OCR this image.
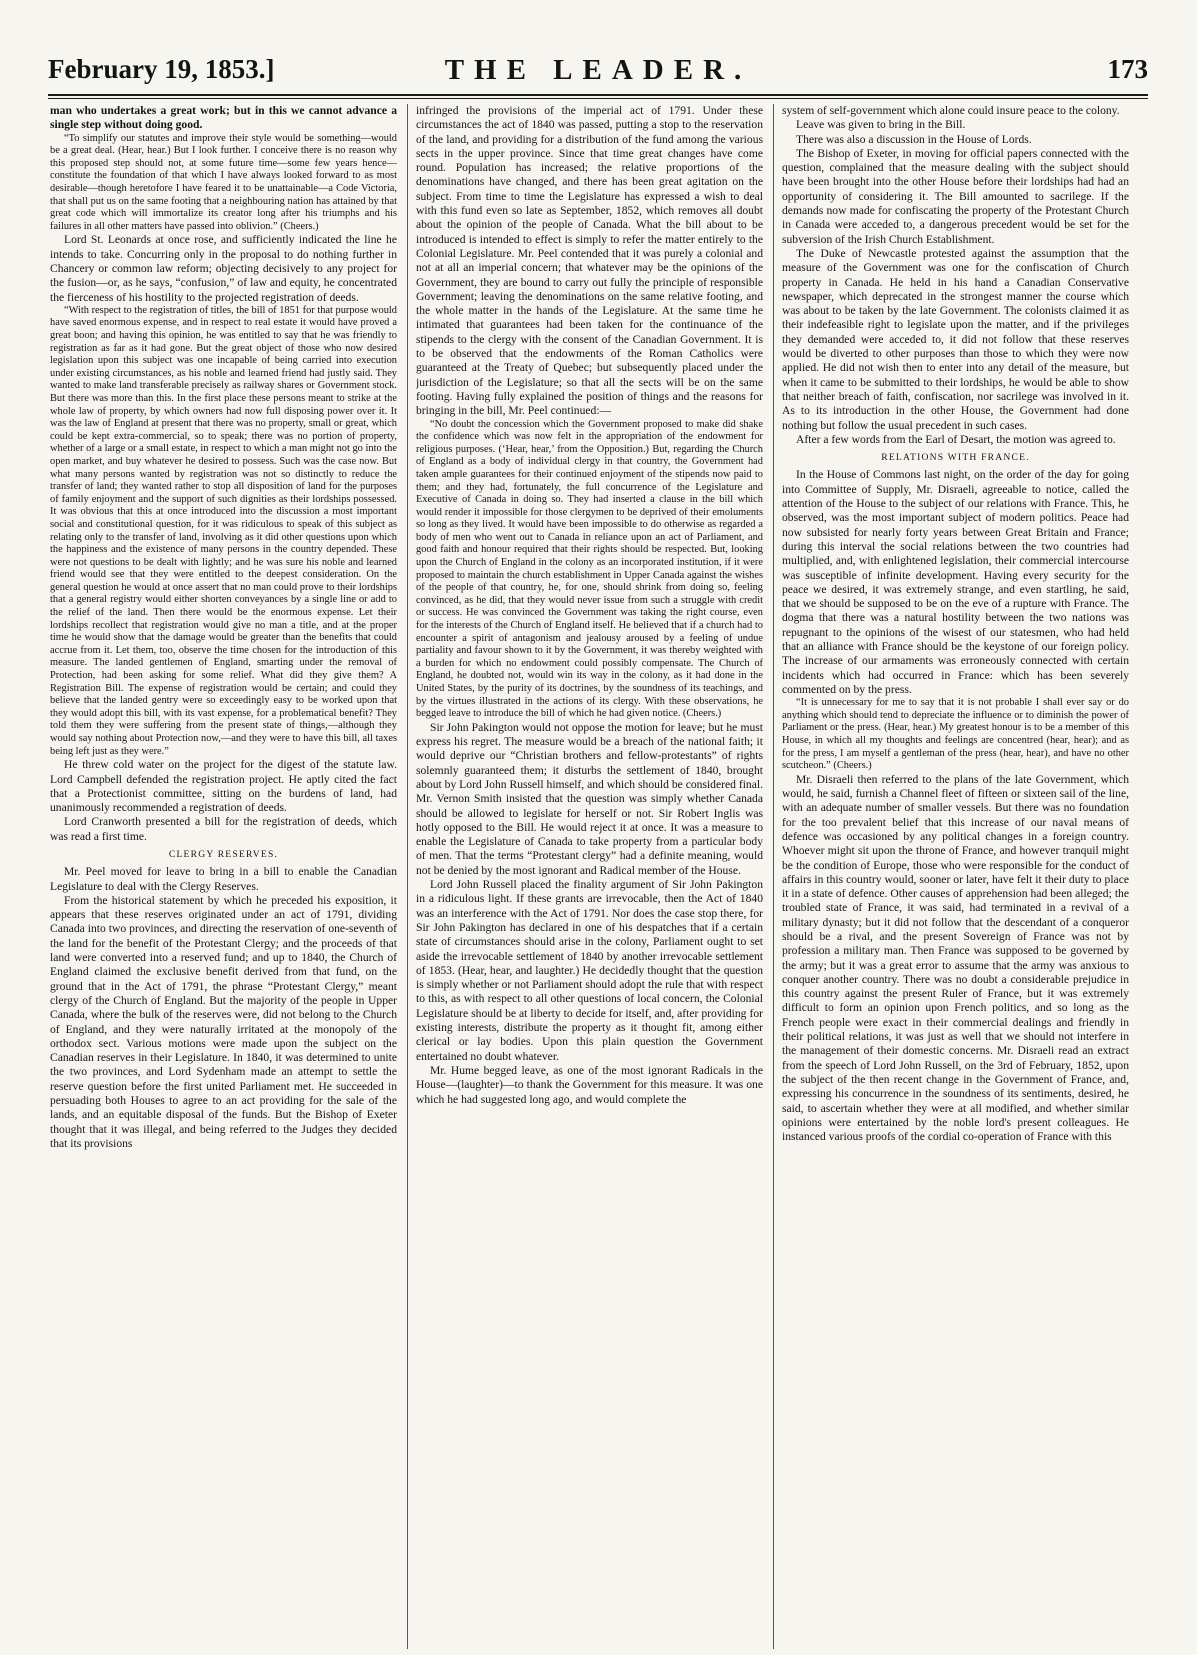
February 19, 1853.]	THE LEADER.	173

man who undertakes a great work; but in this we cannot advance a single step without doing good.

“To simplify our statutes and improve their style would be something—would be a great deal. (Hear, hear.) But I look further. I conceive there is no reason why this proposed step should not, at some future time—some few years hence—constitute the foundation of that which I have always looked forward to as most desirable—though heretofore I have feared it to be unattainable—a Code Victoria, that shall put us on the same footing that a neighbouring nation has attained by that great code which will immortalize its creator long after his triumphs and his failures in all other matters have passed into oblivion.” (Cheers.)

Lord St. Leonards at once rose, and sufficiently indicated the line he intends to take. Concurring only in the proposal to do nothing further in Chancery or common law reform; objecting decisively to any project for the fusion—or, as he says, “confusion,” of law and equity, he concentrated the fierceness of his hostility to the projected registration of deeds.

“With respect to the registration of titles, the bill of 1851 for that purpose would have saved enormous expense, and in respect to real estate it would have proved a great boon; and having this opinion, he was entitled to say that he was friendly to registration as far as it had gone. But the great object of those who now desired legislation upon this subject was one incapable of being carried into execution under existing circumstances, as his noble and learned friend had justly said. They wanted to make land transferable precisely as railway shares or Government stock. But there was more than this. In the first place these persons meant to strike at the whole law of property, by which owners had now full disposing power over it. It was the law of England at present that there was no property, small or great, which could be kept extra-commercial, so to speak; there was no portion of property, whether of a large or a small estate, in respect to which a man might not go into the open market, and buy whatever he desired to possess. Such was the case now. But what many persons wanted by registration was not so distinctly to reduce the transfer of land; they wanted rather to stop all disposition of land for the purposes of family enjoyment and the support of such dignities as their lordships possessed. It was obvious that this at once introduced into the discussion a most important social and constitutional question, for it was ridiculous to speak of this subject as relating only to the transfer of land, involving as it did other questions upon which the happiness and the existence of many persons in the country depended. These were not questions to be dealt with lightly; and he was sure his noble and learned friend would see that they were entitled to the deepest consideration. On the general question he would at once assert that no man could prove to their lordships that a general registry would either shorten conveyances by a single line or add to the relief of the land. Then there would be the enormous expense. Let their lordships recollect that registration would give no man a title, and at the proper time he would show that the damage would be greater than the benefits that could accrue from it. Let them, too, observe the time chosen for the introduction of this measure. The landed gentlemen of England, smarting under the removal of Protection, had been asking for some relief. What did they give them? A Registration Bill. The expense of registration would be certain; and could they believe that the landed gentry were so exceedingly easy to be worked upon that they would adopt this bill, with its vast expense, for a problematical benefit? They told them they were suffering from the present state of things,—although they would say nothing about Protection now,—and they were to have this bill, all taxes being left just as they were.”

He threw cold water on the project for the digest of the statute law. Lord Campbell defended the registration project. He aptly cited the fact that a Protectionist committee, sitting on the burdens of land, had unanimously recommended a registration of deeds.

Lord Cranworth presented a bill for the registration of deeds, which was read a first time.

CLERGY RESERVES.

Mr. Peel moved for leave to bring in a bill to enable the Canadian Legislature to deal with the Clergy Reserves.

From the historical statement by which he preceded his exposition, it appears that these reserves originated under an act of 1791, dividing Canada into two provinces, and directing the reservation of one-seventh of the land for the benefit of the Protestant Clergy; and the proceeds of that land were converted into a reserved fund; and up to 1840, the Church of England claimed the exclusive benefit derived from that fund, on the ground that in the Act of 1791, the phrase “Protestant Clergy,” meant clergy of the Church of England. But the majority of the people in Upper Canada, where the bulk of the reserves were, did not belong to the Church of England, and they were naturally irritated at the monopoly of the orthodox sect. Various motions were made upon the subject on the Canadian reserves in their Legislature. In 1840, it was determined to unite the two provinces, and Lord Sydenham made an attempt to settle the reserve question before the first united Parliament met. He succeeded in persuading both Houses to agree to an act providing for the sale of the lands, and an equitable disposal of the funds. But the Bishop of Exeter thought that it was illegal, and being referred to the Judges they decided that its provisions

infringed the provisions of the imperial act of 1791. Under these circumstances the act of 1840 was passed, putting a stop to the reservation of the land, and providing for a distribution of the fund among the various sects in the upper province. Since that time great changes have come round. Population has increased; the relative proportions of the denominations have changed, and there has been great agitation on the subject. From time to time the Legislature has expressed a wish to deal with this fund even so late as September, 1852, which removes all doubt about the opinion of the people of Canada. What the bill about to be introduced is intended to effect is simply to refer the matter entirely to the Colonial Legislature. Mr. Peel contended that it was purely a colonial and not at all an imperial concern; that whatever may be the opinions of the Government, they are bound to carry out fully the principle of responsible Government; leaving the denominations on the same relative footing, and the whole matter in the hands of the Legislature. At the same time he intimated that guarantees had been taken for the continuance of the stipends to the clergy with the consent of the Canadian Government. It is to be observed that the endowments of the Roman Catholics were guaranteed at the Treaty of Quebec; but subsequently placed under the jurisdiction of the Legislature; so that all the sects will be on the same footing. Having fully explained the position of things and the reasons for bringing in the bill, Mr. Peel continued:—

“No doubt the concession which the Government proposed to make did shake the confidence which was now felt in the appropriation of the endowment for religious purposes. (‘Hear, hear,’ from the Opposition.) But, regarding the Church of England as a body of individual clergy in that country, the Government had taken ample guarantees for their continued enjoyment of the stipends now paid to them; and they had, fortunately, the full concurrence of the Legislature and Executive of Canada in doing so. They had inserted a clause in the bill which would render it impossible for those clergymen to be deprived of their emoluments so long as they lived. It would have been impossible to do otherwise as regarded a body of men who went out to Canada in reliance upon an act of Parliament, and good faith and honour required that their rights should be respected. But, looking upon the Church of England in the colony as an incorporated institution, if it were proposed to maintain the church establishment in Upper Canada against the wishes of the people of that country, he, for one, should shrink from doing so, feeling convinced, as he did, that they would never issue from such a struggle with credit or success. He was convinced the Government was taking the right course, even for the interests of the Church of England itself. He believed that if a church had to encounter a spirit of antagonism and jealousy aroused by a feeling of undue partiality and favour shown to it by the Government, it was thereby weighted with a burden for which no endowment could possibly compensate. The Church of England, he doubted not, would win its way in the colony, as it had done in the United States, by the purity of its doctrines, by the soundness of its teachings, and by the virtues illustrated in the actions of its clergy. With these observations, he begged leave to introduce the bill of which he had given notice. (Cheers.)

Sir John Pakington would not oppose the motion for leave; but he must express his regret. The measure would be a breach of the national faith; it would deprive our “Christian brothers and fellow-protestants” of rights solemnly guaranteed them; it disturbs the settlement of 1840, brought about by Lord John Russell himself, and which should be considered final. Mr. Vernon Smith insisted that the question was simply whether Canada should be allowed to legislate for herself or not. Sir Robert Inglis was hotly opposed to the Bill. He would reject it at once. It was a measure to enable the Legislature of Canada to take property from a particular body of men. That the terms “Protestant clergy” had a definite meaning, would not be denied by the most ignorant and Radical member of the House.

Lord John Russell placed the finality argument of Sir John Pakington in a ridiculous light. If these grants are irrevocable, then the Act of 1840 was an interference with the Act of 1791. Nor does the case stop there, for Sir John Pakington has declared in one of his despatches that if a certain state of circumstances should arise in the colony, Parliament ought to set aside the irrevocable settlement of 1840 by another irrevocable settlement of 1853. (Hear, hear, and laughter.) He decidedly thought that the question is simply whether or not Parliament should adopt the rule that with respect to this, as with respect to all other questions of local concern, the Colonial Legislature should be at liberty to decide for itself, and, after providing for existing interests, distribute the property as it thought fit, among either clerical or lay bodies. Upon this plain question the Government entertained no doubt whatever.

Mr. Hume begged leave, as one of the most ignorant Radicals in the House—(laughter)—to thank the Government for this measure. It was one which he had suggested long ago, and would complete the

system of self-government which alone could insure peace to the colony.

Leave was given to bring in the Bill.

There was also a discussion in the House of Lords.

The Bishop of Exeter, in moving for official papers connected with the question, complained that the measure dealing with the subject should have been brought into the other House before their lordships had had an opportunity of considering it. The Bill amounted to sacrilege. If the demands now made for confiscating the property of the Protestant Church in Canada were acceded to, a dangerous precedent would be set for the subversion of the Irish Church Establishment.

The Duke of Newcastle protested against the assumption that the measure of the Government was one for the confiscation of Church property in Canada. He held in his hand a Canadian Conservative newspaper, which deprecated in the strongest manner the course which was about to be taken by the late Government. The colonists claimed it as their indefeasible right to legislate upon the matter, and if the privileges they demanded were acceded to, it did not follow that these reserves would be diverted to other purposes than those to which they were now applied. He did not wish then to enter into any detail of the measure, but when it came to be submitted to their lordships, he would be able to show that neither breach of faith, confiscation, nor sacrilege was involved in it. As to its introduction in the other House, the Government had done nothing but follow the usual precedent in such cases.

After a few words from the Earl of Desart, the motion was agreed to.

RELATIONS WITH FRANCE.

In the House of Commons last night, on the order of the day for going into Committee of Supply, Mr. Disraeli, agreeable to notice, called the attention of the House to the subject of our relations with France. This, he observed, was the most important subject of modern politics. Peace had now subsisted for nearly forty years between Great Britain and France; during this interval the social relations between the two countries had multiplied, and, with enlightened legislation, their commercial intercourse was susceptible of infinite development. Having every security for the peace we desired, it was extremely strange, and even startling, he said, that we should be supposed to be on the eve of a rupture with France. The dogma that there was a natural hostility between the two nations was repugnant to the opinions of the wisest of our statesmen, who had held that an alliance with France should be the keystone of our foreign policy. The increase of our armaments was erroneously connected with certain incidents which had occurred in France: which has been severely commented on by the press.

“It is unnecessary for me to say that it is not probable I shall ever say or do anything which should tend to depreciate the influence or to diminish the power of Parliament or the press. (Hear, hear.) My greatest honour is to be a member of this House, in which all my thoughts and feelings are concentred (hear, hear); and as for the press, I am myself a gentleman of the press (hear, hear), and have no other scutcheon.” (Cheers.)

Mr. Disraeli then referred to the plans of the late Government, which would, he said, furnish a Channel fleet of fifteen or sixteen sail of the line, with an adequate number of smaller vessels. But there was no foundation for the too prevalent belief that this increase of our naval means of defence was occasioned by any political changes in a foreign country. Whoever might sit upon the throne of France, and however tranquil might be the condition of Europe, those who were responsible for the conduct of affairs in this country would, sooner or later, have felt it their duty to place it in a state of defence. Other causes of apprehension had been alleged; the troubled state of France, it was said, had terminated in a revival of a military dynasty; but it did not follow that the descendant of a conqueror should be a rival, and the present Sovereign of France was not by profession a military man. Then France was supposed to be governed by the army; but it was a great error to assume that the army was anxious to conquer another country. There was no doubt a considerable prejudice in this country against the present Ruler of France, but it was extremely difficult to form an opinion upon French politics, and so long as the French people were exact in their commercial dealings and friendly in their political relations, it was just as well that we should not interfere in the management of their domestic concerns. Mr. Disraeli read an extract from the speech of Lord John Russell, on the 3rd of February, 1852, upon the subject of the then recent change in the Government of France, and, expressing his concurrence in the soundness of its sentiments, desired, he said, to ascertain whether they were at all modified, and whether similar opinions were entertained by the noble lord's present colleagues. He instanced various proofs of the cordial co-operation of France with this
